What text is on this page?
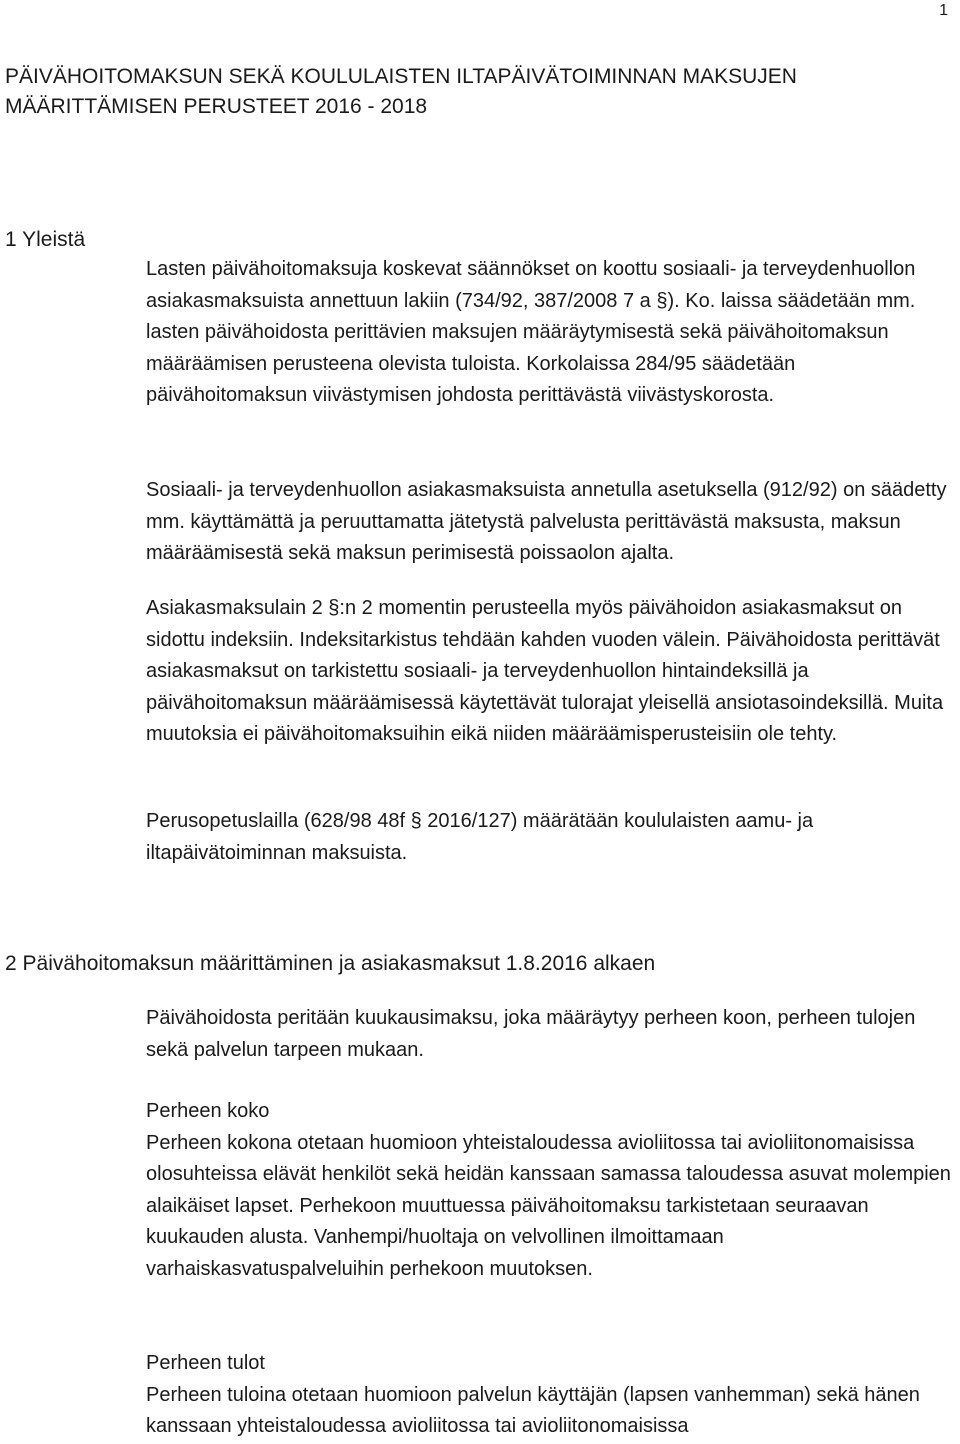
1
PÄIVÄHOITOMAKSUN SEKÄ KOULULAISTEN ILTAPÄIVÄTOIMINNAN MAKSUJEN
MÄÄRITTÄMISEN PERUSTEET 2016 - 2018
1 Yleistä

Lasten päivähoitomaksuja koskevat säännökset on koottu sosiaali- ja terveydenhuollon asiakasmaksuista annettuun lakiin (734/92, 387/2008 7 a §). Ko. laissa säädetään mm. lasten päivähoidosta perittävien maksujen määräytymisestä sekä päivähoitomaksun määräämisen perusteena olevista tuloista. Korkolaissa 284/95 säädetään päivähoitomaksun viivästymisen johdosta perittävästä viivästyskorosta.

Sosiaali- ja terveydenhuollon asiakasmaksuista annetulla asetuksella (912/92) on säädetty mm. käyttämättä ja peruuttamatta jätetystä palvelusta perittävästä maksusta, maksun määräämisestä sekä maksun perimisestä poissaolon ajalta.

Asiakasmaksulain 2 §:n 2 momentin perusteella myös päivähoidon asiakasmaksut on sidottu indeksiin. Indeksitarkistus tehdään kahden vuoden välein. Päivähoidosta perittävät asiakasmaksut on tarkistettu sosiaali- ja terveydenhuollon hintaindeksillä ja päivähoitomaksun määräämisessä käytettävät tulorajat yleisellä ansiotasoindeksillä. Muita muutoksia ei päivähoitomaksuihin eikä niiden määräämisperusteisiin ole tehty.

Perusopetuslailla (628/98 48f § 2016/127) määrätään koululaisten aamu- ja iltapäivätoiminnan maksuista.

2 Päivähoitomaksun määrittäminen ja asiakasmaksut 1.8.2016 alkaen

Päivähoidosta peritään kuukausimaksu, joka määräytyy perheen koon, perheen tulojen sekä palvelun tarpeen mukaan.

Perheen koko
Perheen kokona otetaan huomioon yhteistaloudessa avioliitossa tai avioliitonomaisissa olosuhteissa elävät henkilöt sekä heidän kanssaan samassa taloudessa asuvat molempien alaikäiset lapset. Perhekoon muuttuessa päivähoitomaksu tarkistetaan seuraavan kuukauden alusta. Vanhempi/huoltaja on velvollinen ilmoittamaan varhaiskasvatuspalveluihin perhekoon muutoksen.

Perheen tulot
Perheen tuloina otetaan huomioon palvelun käyttäjän (lapsen vanhemman) sekä hänen kanssaan yhteistaloudessa avioliitossa tai avioliitonomaisissa
